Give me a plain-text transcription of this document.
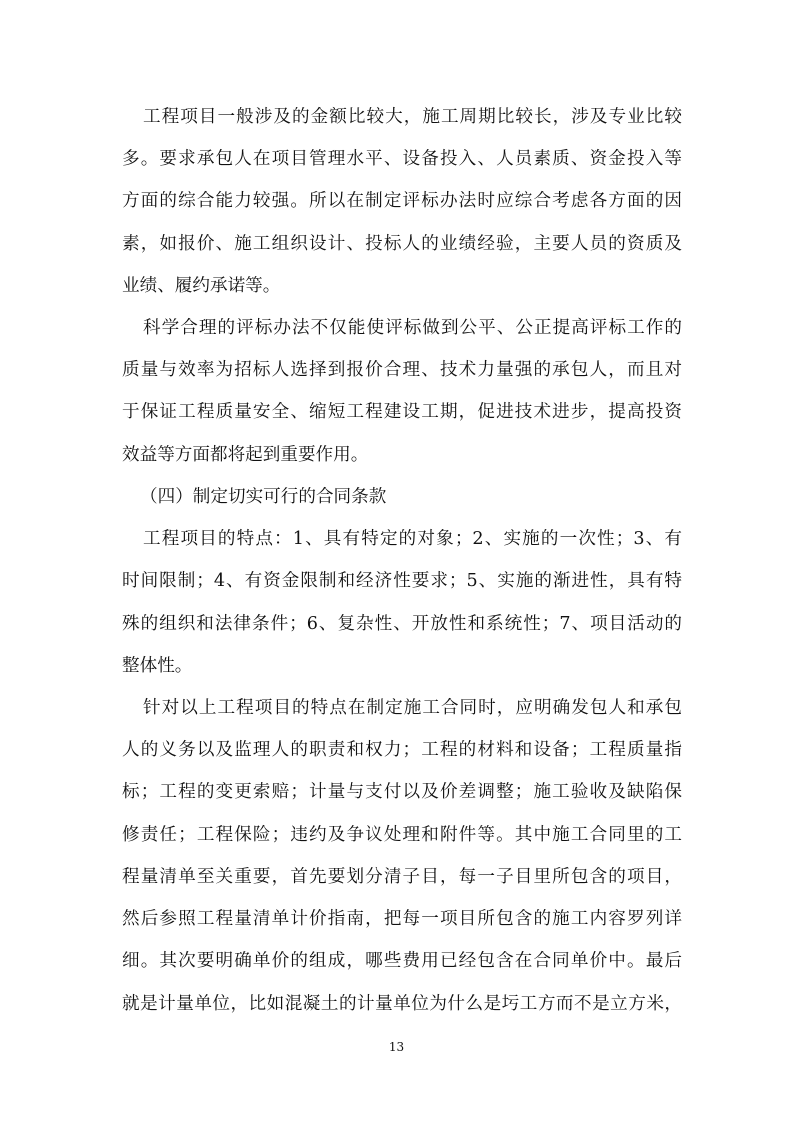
工程项目一般涉及的金额比较大，施工周期比较长，涉及专业比较
多。要求承包人在项目管理水平、设备投入、人员素质、资金投入等
方面的综合能力较强。所以在制定评标办法时应综合考虑各方面的因
素，如报价、施工组织设计、投标人的业绩经验，主要人员的资质及
业绩、履约承诺等。
科学合理的评标办法不仅能使评标做到公平、公正提高评标工作的
质量与效率为招标人选择到报价合理、技术力量强的承包人，而且对
于保证工程质量安全、缩短工程建设工期，促进技术进步，提高投资
效益等方面都将起到重要作用。
（四）制定切实可行的合同条款
工程项目的特点：1、具有特定的对象；2、实施的一次性；3、有
时间限制；4、有资金限制和经济性要求；5、实施的渐进性，具有特
殊的组织和法律条件；6、复杂性、开放性和系统性；7、项目活动的
整体性。
针对以上工程项目的特点在制定施工合同时，应明确发包人和承包
人的义务以及监理人的职责和权力；工程的材料和设备；工程质量指
标；工程的变更索赔；计量与支付以及价差调整；施工验收及缺陷保
修责任；工程保险；违约及争议处理和附件等。其中施工合同里的工
程量清单至关重要，首先要划分清子目，每一子目里所包含的项目，
然后参照工程量清单计价指南，把每一项目所包含的施工内容罗列详
细。其次要明确单价的组成，哪些费用已经包含在合同单价中。最后
就是计量单位，比如混凝土的计量单位为什么是圬工方而不是立方米，
13
